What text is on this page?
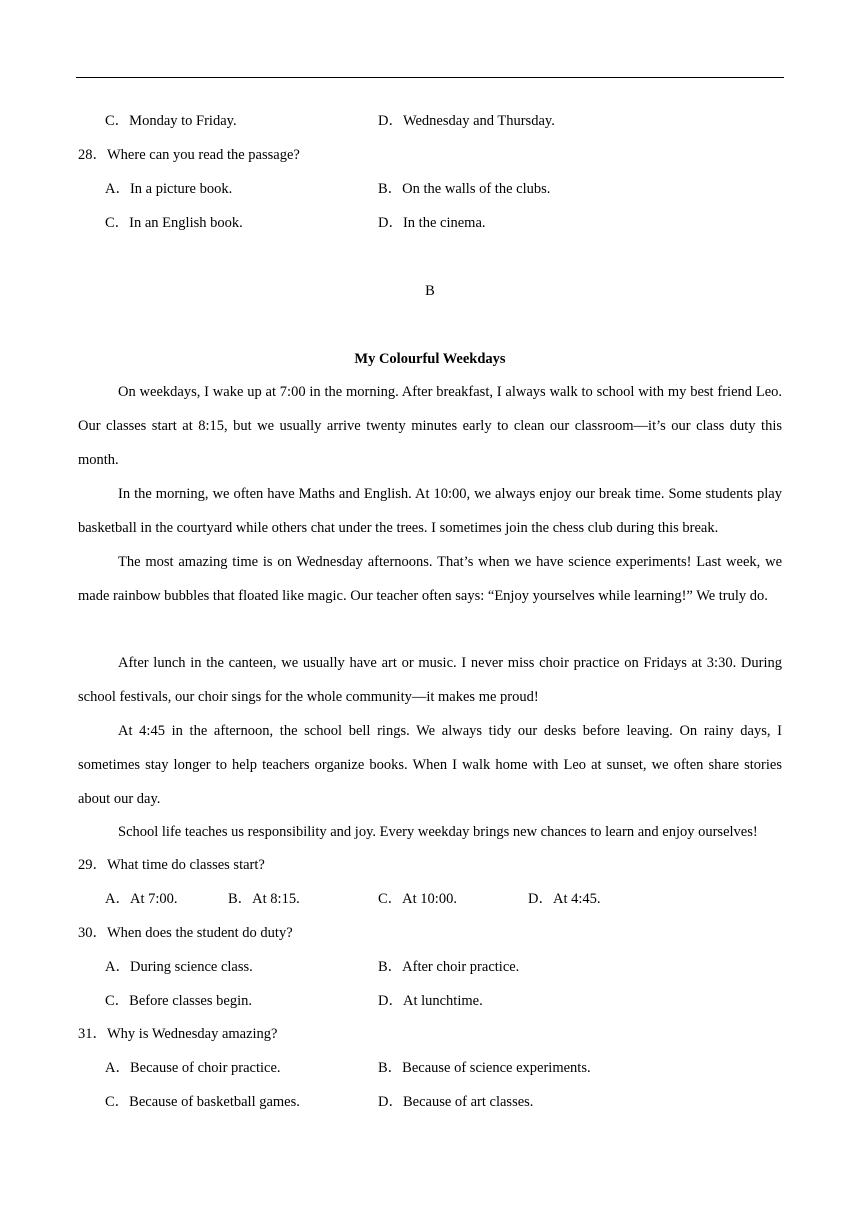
C．Monday to Friday.	D．Wednesday and Thursday.
28．Where can you read the passage?
A．In a picture book.	B．On the walls of the clubs.
C．In an English book.	D．In the cinema.
B
My Colourful Weekdays
On weekdays, I wake up at 7:00 in the morning. After breakfast, I always walk to school with my best friend Leo. Our classes start at 8:15, but we usually arrive twenty minutes early to clean our classroom—it’s our class duty this month.
In the morning, we often have Maths and English. At 10:00, we always enjoy our break time. Some students play basketball in the courtyard while others chat under the trees. I sometimes join the chess club during this break.
The most amazing time is on Wednesday afternoons. That’s when we have science experiments! Last week, we made rainbow bubbles that floated like magic. Our teacher often says: “Enjoy yourselves while learning!” We truly do.
After lunch in the canteen, we usually have art or music. I never miss choir practice on Fridays at 3:30. During school festivals, our choir sings for the whole community—it makes me proud!
At 4:45 in the afternoon, the school bell rings. We always tidy our desks before leaving. On rainy days, I sometimes stay longer to help teachers organize books. When I walk home with Leo at sunset, we often share stories about our day.
School life teaches us responsibility and joy. Every weekday brings new chances to learn and enjoy ourselves!
29．What time do classes start?
A．At 7:00.	B．At 8:15.	C．At 10:00.	D．At 4:45.
30．When does the student do duty?
A．During science class.	B．After choir practice.
C．Before classes begin.	D．At lunchtime.
31．Why is Wednesday amazing?
A．Because of choir practice.	B．Because of science experiments.
C．Because of basketball games.	D．Because of art classes.
